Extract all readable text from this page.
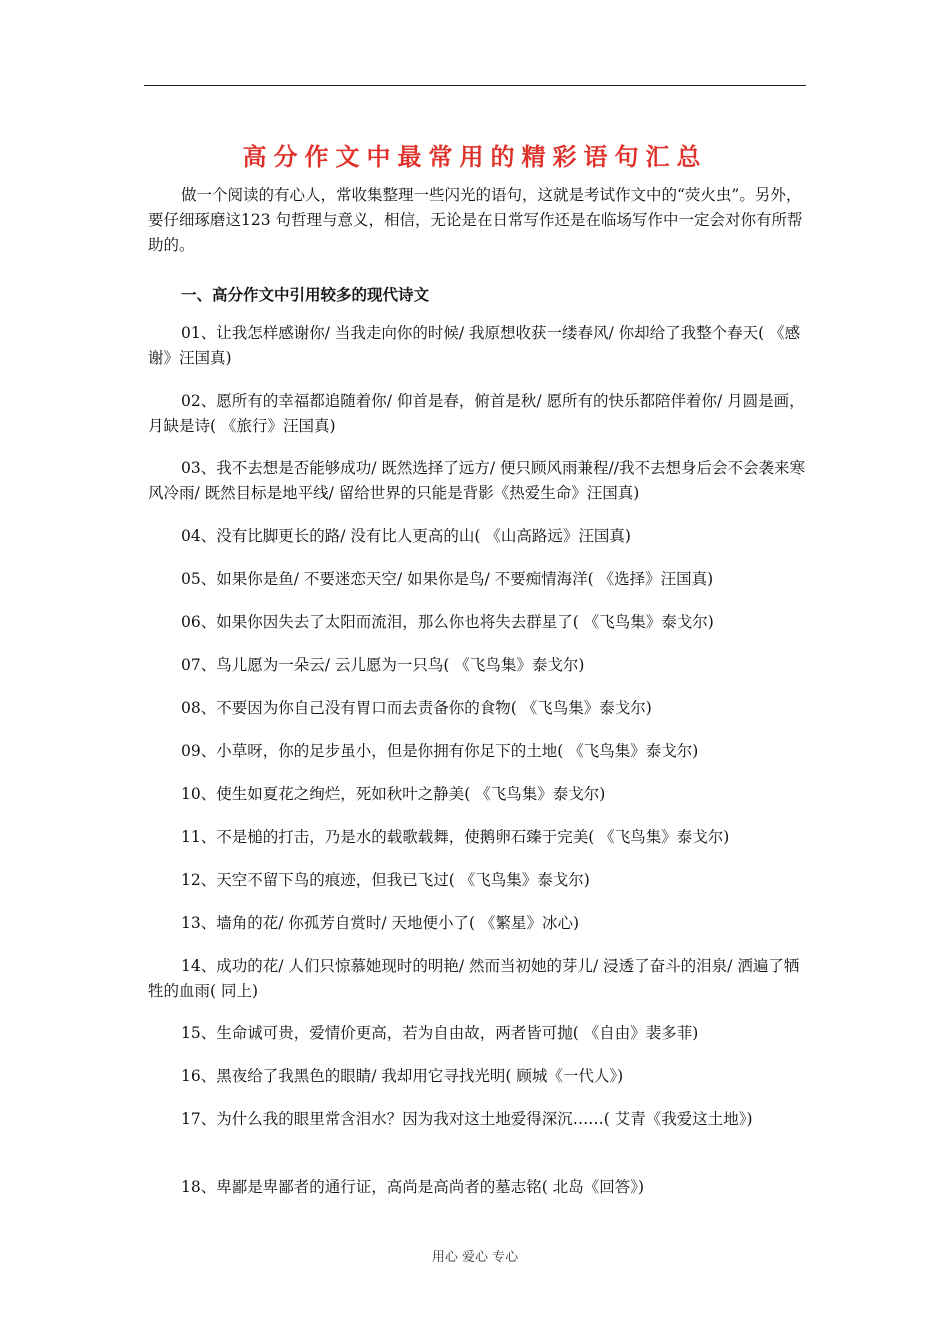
高分作文中最常用的精彩语句汇总

做一个阅读的有心人，常收集整理一些闪光的语句，这就是考试作文中的“荧火虫”。另外，要仔细琢磨这123 句哲理与意义，相信，无论是在日常写作还是在临场写作中一定会对你有所帮助的。

一、高分作文中引用较多的现代诗文

01、让我怎样感谢你/ 当我走向你的时候/ 我原想收获一缕春风/ 你却给了我整个春天( 《感谢》汪国真)

02、愿所有的幸福都追随着你/ 仰首是春，俯首是秋/ 愿所有的快乐都陪伴着你/ 月圆是画，月缺是诗( 《旅行》汪国真)

03、我不去想是否能够成功/ 既然选择了远方/ 便只顾风雨兼程//我不去想身后会不会袭来寒风冷雨/ 既然目标是地平线/ 留给世界的只能是背影《热爱生命》汪国真)

04、没有比脚更长的路/ 没有比人更高的山( 《山高路远》汪国真)

05、如果你是鱼/ 不要迷恋天空/ 如果你是鸟/ 不要痴情海洋( 《选择》汪国真)

06、如果你因失去了太阳而流泪，那么你也将失去群星了( 《飞鸟集》泰戈尔)

07、鸟儿愿为一朵云/ 云儿愿为一只鸟( 《飞鸟集》泰戈尔)

08、不要因为你自己没有胃口而去责备你的食物( 《飞鸟集》泰戈尔)

09、小草呀，你的足步虽小，但是你拥有你足下的土地( 《飞鸟集》泰戈尔)

10、使生如夏花之绚烂，死如秋叶之静美( 《飞鸟集》泰戈尔)

11、不是槌的打击，乃是水的载歌载舞，使鹅卵石臻于完美( 《飞鸟集》泰戈尔)

12、天空不留下鸟的痕迹，但我已飞过( 《飞鸟集》泰戈尔)

13、墙角的花/ 你孤芳自赏时/ 天地便小了( 《繁星》冰心)

14、成功的花/ 人们只惊慕她现时的明艳/ 然而当初她的芽儿/ 浸透了奋斗的泪泉/ 洒遍了牺牲的血雨( 同上)

15、生命诚可贵，爱情价更高，若为自由故，两者皆可抛( 《自由》裴多菲)

16、黑夜给了我黑色的眼睛/ 我却用它寻找光明( 顾城《一代人》)

17、为什么我的眼里常含泪水？因为我对这土地爱得深沉……( 艾青《我爱这土地》)

18、卑鄙是卑鄙者的通行证，高尚是高尚者的墓志铭( 北岛《回答》)

用心 爱心 专心
